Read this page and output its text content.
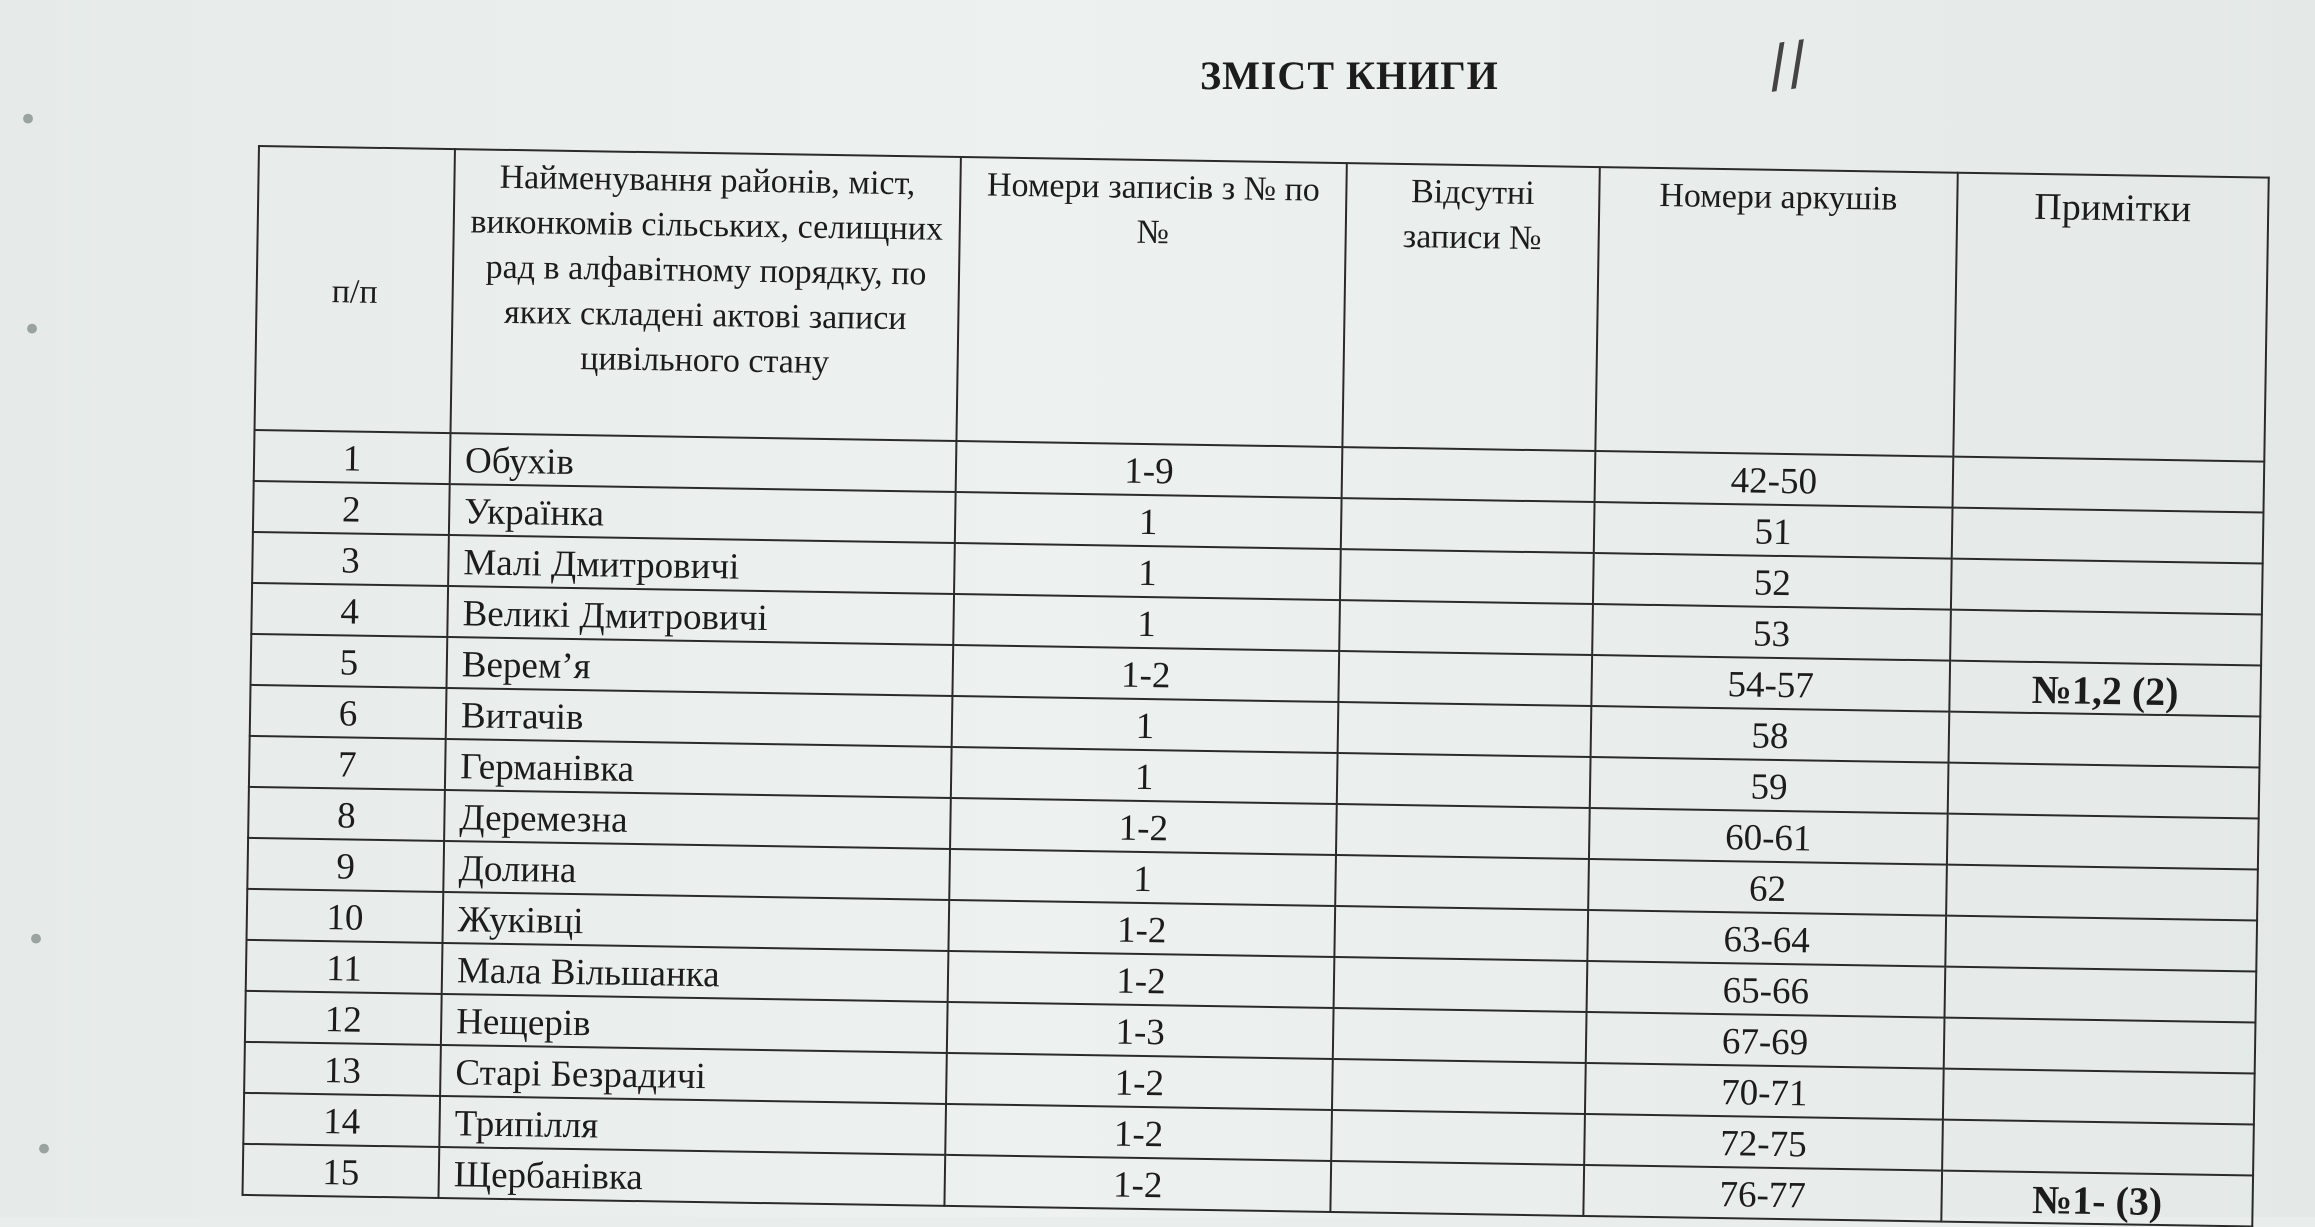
ЗМІСТ КНИГИ	∕∕
•
•
•
•
п/п	Найменування районів, міст, виконкомів сільських, селищних рад в алфавітному порядку, по яких складені актові записи цивільного стану	Номери записів з № по №	Відсутні записи №	Номери аркушів	Примітки
1	Обухів	1-9		42-50	
2	Українка	1		51	
3	Малі Дмитровичі	1		52	
4	Великі Дмитровичі	1		53	
5	Верем’я	1-2		54-57	№1,2 (2)
6	Витачів	1		58	
7	Германівка	1		59	
8	Деремезна	1-2		60-61	
9	Долина	1		62	
10	Жуківці	1-2		63-64	
11	Мала Вільшанка	1-2		65-66	
12	Нещерів	1-3		67-69	
13	Старі Безрадичі	1-2		70-71	
14	Трипілля	1-2		72-75	
15	Щербанівка	1-2		76-77	№1- (3)
